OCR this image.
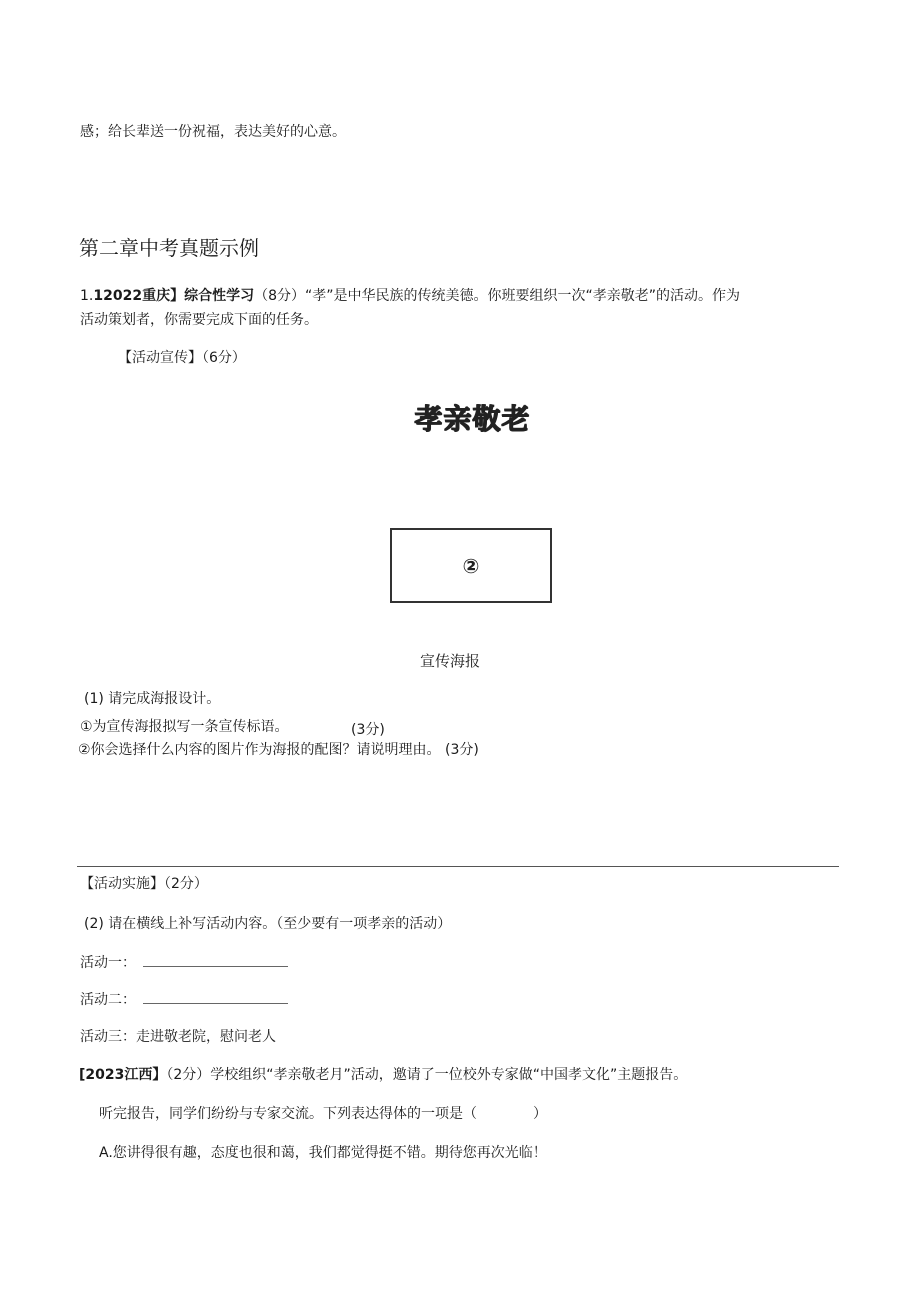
感；给长辈送一份祝福，表达美好的心意。
第二章中考真题示例
1.12022重庆】综合性学习（8分）“孝”是中华民族的传统美德。你班要组织一次“孝亲敬老”的活动。作为
活动策划者，你需要完成下面的任务。
【活动宣传】（6分）
孝亲敬老
②
宣传海报
(1) 请完成海报设计。
①为宣传海报拟写一条宣传标语。	(3分)
②你会选择什么内容的图片作为海报的配图？请说明理由。 (3分)
【活动实施】（2分）
(2) 请在横线上补写活动内容。（至少要有一项孝亲的活动）
活动一：
活动二：
活动三：走进敬老院，慰问老人
[2023江西】（2分）学校组织“孝亲敬老月”活动，邀请了一位校外专家做“中国孝文化”主题报告。
听完报告，同学们纷纷与专家交流。下列表达得体的一项是（　　　　）
A.您讲得很有趣，态度也很和蔼，我们都觉得挺不错。期待您再次光临！
